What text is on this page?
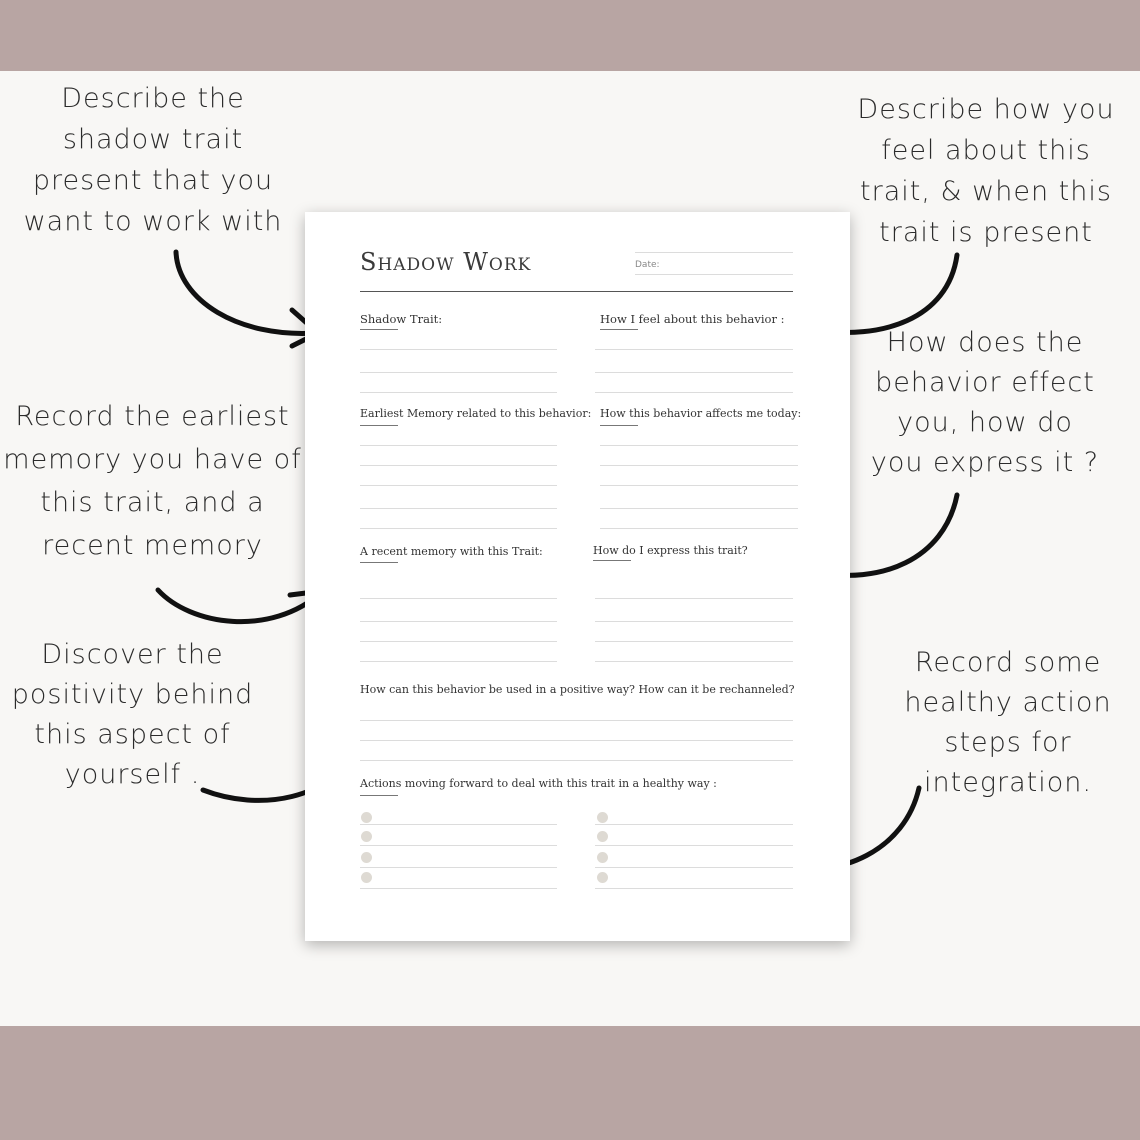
Describe the shadow trait present that you want to work with
Describe how you feel about this trait, & when this trait is present
How does the behavior effect you, how do you express it ?
Record the earliest memory you have of this trait, and a recent memory
Discover the positivity behind this aspect of yourself .
Record some healthy action steps for integration.
Shadow Work	Date:
Shadow Trait:	How I feel about this behavior :
Earliest Memory related to this behavior: How this behavior affects me today:
A recent memory with this Trait:	How do I express this trait?
How can this behavior be used in a positive way? How can it be rechanneled?
Actions moving forward to deal with this trait in a healthy way :
